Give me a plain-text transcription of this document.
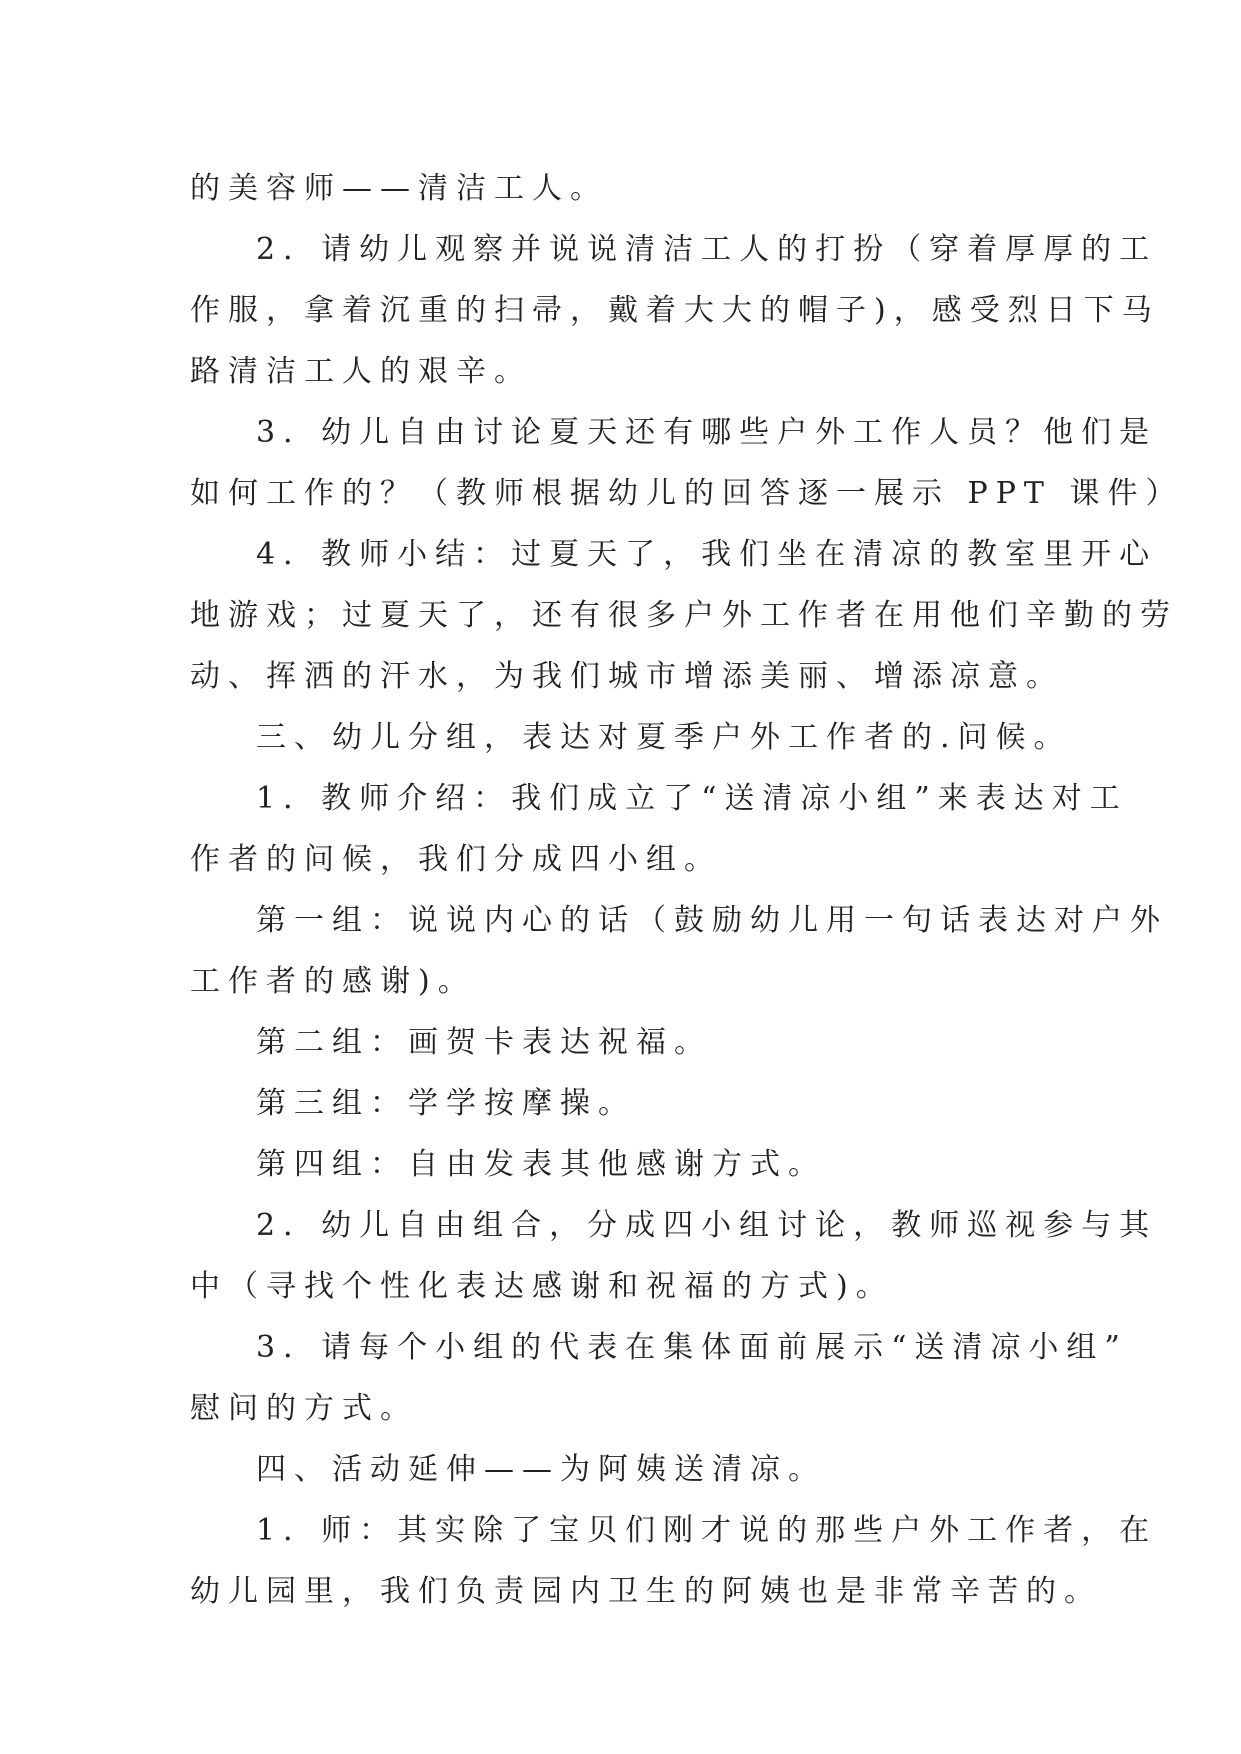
的美容师——清洁工人。
2．请幼儿观察并说说清洁工人的打扮（穿着厚厚的工
作服，拿着沉重的扫帚，戴着大大的帽子)，感受烈日下马
路清洁工人的艰辛。
3．幼儿自由讨论夏天还有哪些户外工作人员？他们是
如何工作的？（教师根据幼儿的回答逐一展示 PPT 课件）
4．教师小结：过夏天了，我们坐在清凉的教室里开心
地游戏；过夏天了，还有很多户外工作者在用他们辛勤的劳
动、挥洒的汗水，为我们城市增添美丽、增添凉意。
三、幼儿分组，表达对夏季户外工作者的.问候。
1．教师介绍：我们成立了“送清凉小组”来表达对工
作者的问候，我们分成四小组。
第一组：说说内心的话（鼓励幼儿用一句话表达对户外
工作者的感谢)。
第二组：画贺卡表达祝福。
第三组：学学按摩操。
第四组：自由发表其他感谢方式。
2．幼儿自由组合，分成四小组讨论，教师巡视参与其
中（寻找个性化表达感谢和祝福的方式)。
3．请每个小组的代表在集体面前展示“送清凉小组”
慰问的方式。
四、活动延伸——为阿姨送清凉。
1．师：其实除了宝贝们刚才说的那些户外工作者，在
幼儿园里，我们负责园内卫生的阿姨也是非常辛苦的。
